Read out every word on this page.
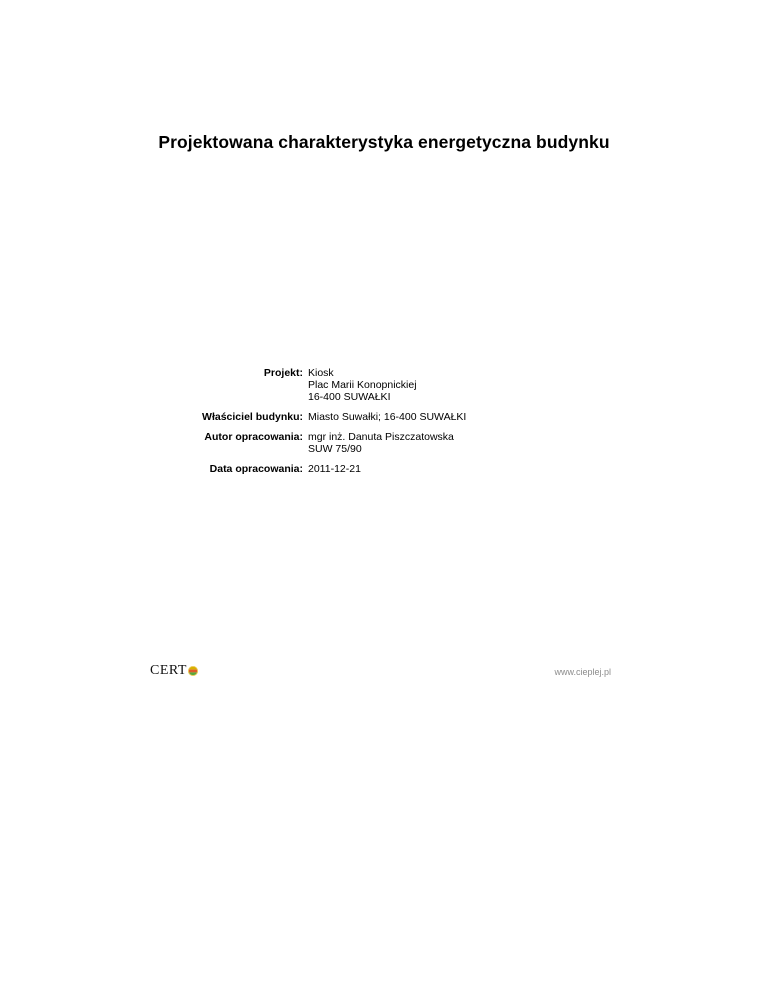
Projektowana charakterystyka energetyczna budynku
Projekt: Kiosk
Plac Marii Konopnickiej
16-400 SUWAŁKI
Właściciel budynku: Miasto Suwałki; 16-400 SUWAŁKI
Autor opracowania: mgr inż. Danuta Piszczatowska
SUW 75/90
Data opracowania: 2011-12-21
CERT	www.cieplej.pl
